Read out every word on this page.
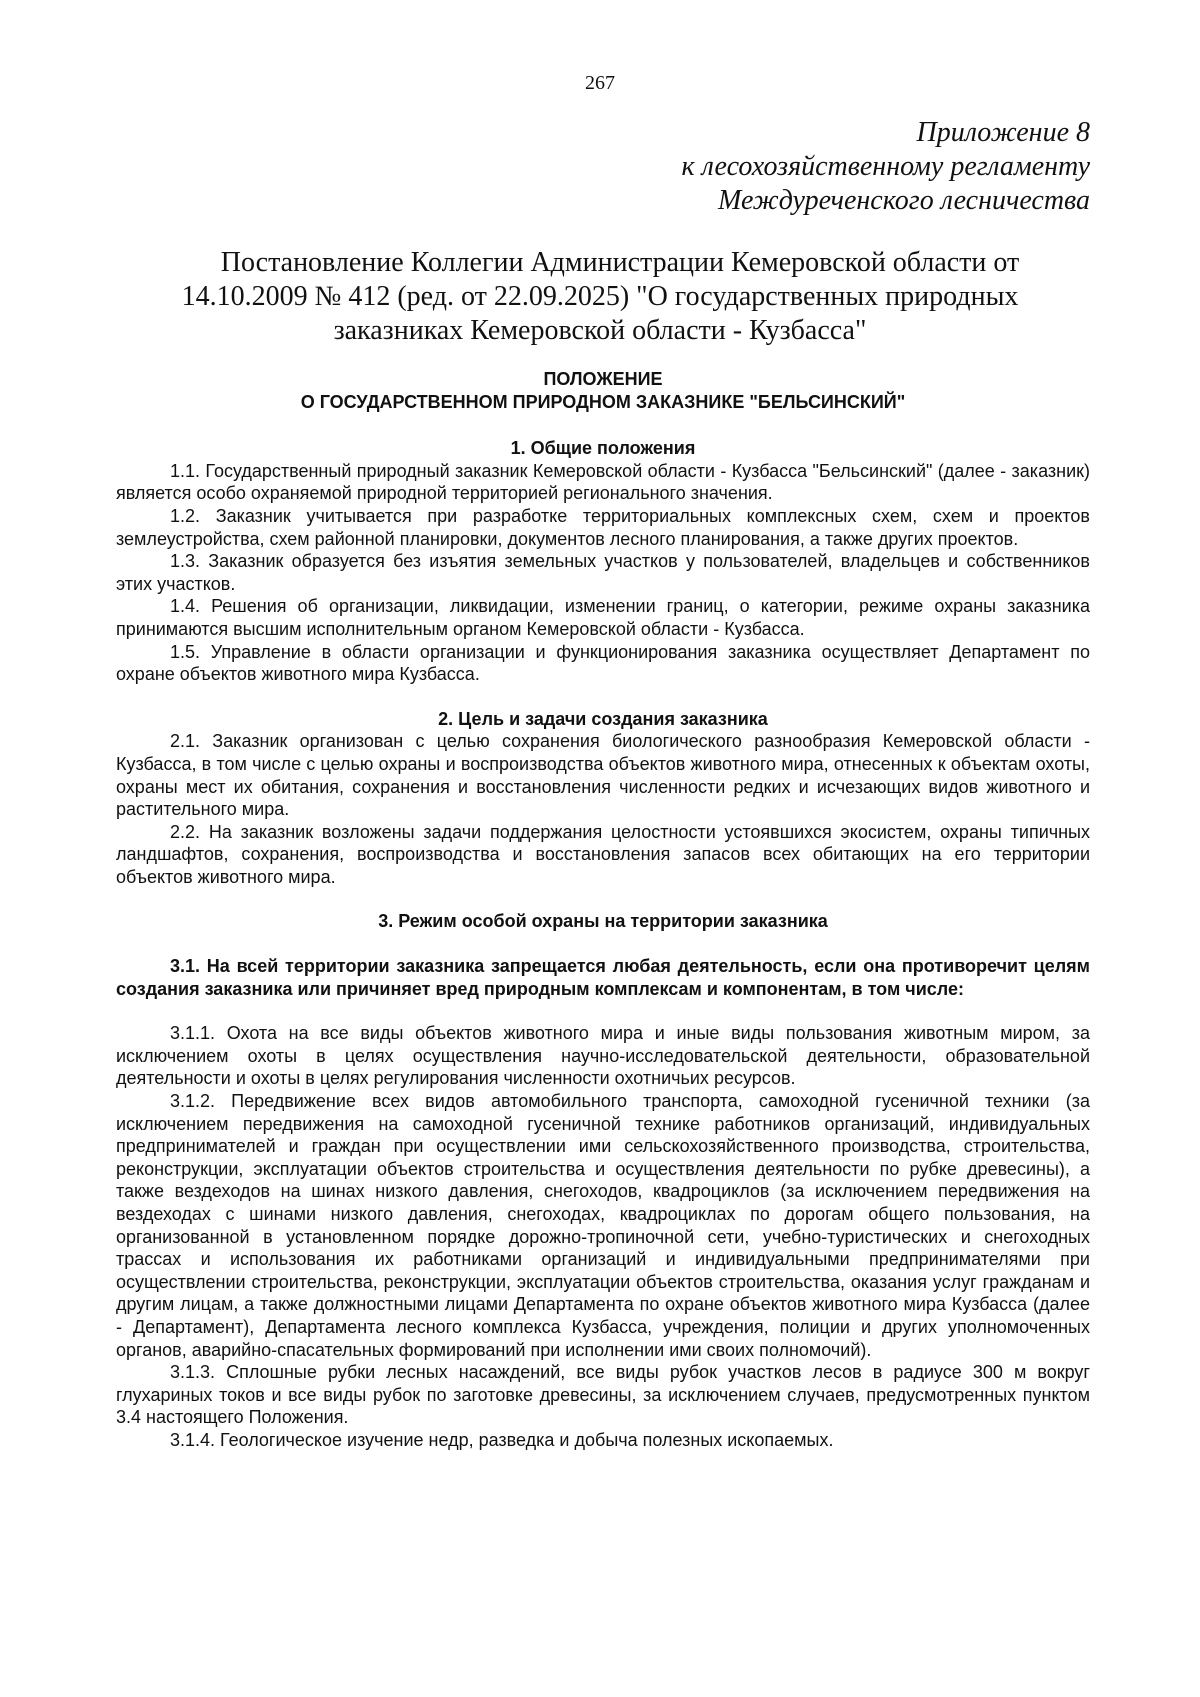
267
Приложение 8
к лесохозяйственному регламенту
Междуреченского лесничества
Постановление Коллегии Администрации Кемеровской области от
14.10.2009 № 412 (ред. от 22.09.2025) "О государственных природных
заказниках Кемеровской области - Кузбасса"
ПОЛОЖЕНИЕ
О ГОСУДАРСТВЕННОМ ПРИРОДНОМ ЗАКАЗНИКЕ "БЕЛЬСИНСКИЙ"
1. Общие положения

1.1. Государственный природный заказник Кемеровской области - Кузбасса "Бельсинский" (далее - заказник) является особо охраняемой природной территорией регионального значения.

1.2. Заказник учитывается при разработке территориальных комплексных схем, схем и проектов землеустройства, схем районной планировки, документов лесного планирования, а также других проектов.

1.3. Заказник образуется без изъятия земельных участков у пользователей, владельцев и собственников этих участков.

1.4. Решения об организации, ликвидации, изменении границ, о категории, режиме охраны заказника принимаются высшим исполнительным органом Кемеровской области - Кузбасса.

1.5. Управление в области организации и функционирования заказника осуществляет Департамент по охране объектов животного мира Кузбасса.

2. Цель и задачи создания заказника

2.1. Заказник организован с целью сохранения биологического разнообразия Кемеровской области - Кузбасса, в том числе с целью охраны и воспроизводства объектов животного мира, отнесенных к объектам охоты, охраны мест их обитания, сохранения и восстановления численности редких и исчезающих видов животного и растительного мира.

2.2. На заказник возложены задачи поддержания целостности устоявшихся экосистем, охраны типичных ландшафтов, сохранения, воспроизводства и восстановления запасов всех обитающих на его территории объектов животного мира.

3. Режим особой охраны на территории заказника

3.1. На всей территории заказника запрещается любая деятельность, если она противоречит целям создания заказника или причиняет вред природным комплексам и компонентам, в том числе:

3.1.1. Охота на все виды объектов животного мира и иные виды пользования животным миром, за исключением охоты в целях осуществления научно-исследовательской деятельности, образовательной деятельности и охоты в целях регулирования численности охотничьих ресурсов.

3.1.2. Передвижение всех видов автомобильного транспорта, самоходной гусеничной техники (за исключением передвижения на самоходной гусеничной технике работников организаций, индивидуальных предпринимателей и граждан при осуществлении ими сельскохозяйственного производства, строительства, реконструкции, эксплуатации объектов строительства и осуществления деятельности по рубке древесины), а также вездеходов на шинах низкого давления, снегоходов, квадроциклов (за исключением передвижения на вездеходах с шинами низкого давления, снегоходах, квадроциклах по дорогам общего пользования, на организованной в установленном порядке дорожно-тропиночной сети, учебно-туристических и снегоходных трассах и использования их работниками организаций и индивидуальными предпринимателями при осуществлении строительства, реконструкции, эксплуатации объектов строительства, оказания услуг гражданам и другим лицам, а также должностными лицами Департамента по охране объектов животного мира Кузбасса (далее - Департамент), Департамента лесного комплекса Кузбасса, учреждения, полиции и других уполномоченных органов, аварийно-спасательных формирований при исполнении ими своих полномочий).

3.1.3. Сплошные рубки лесных насаждений, все виды рубок участков лесов в радиусе 300 м вокруг глухариных токов и все виды рубок по заготовке древесины, за исключением случаев, предусмотренных пунктом 3.4 настоящего Положения.

3.1.4. Геологическое изучение недр, разведка и добыча полезных ископаемых.
